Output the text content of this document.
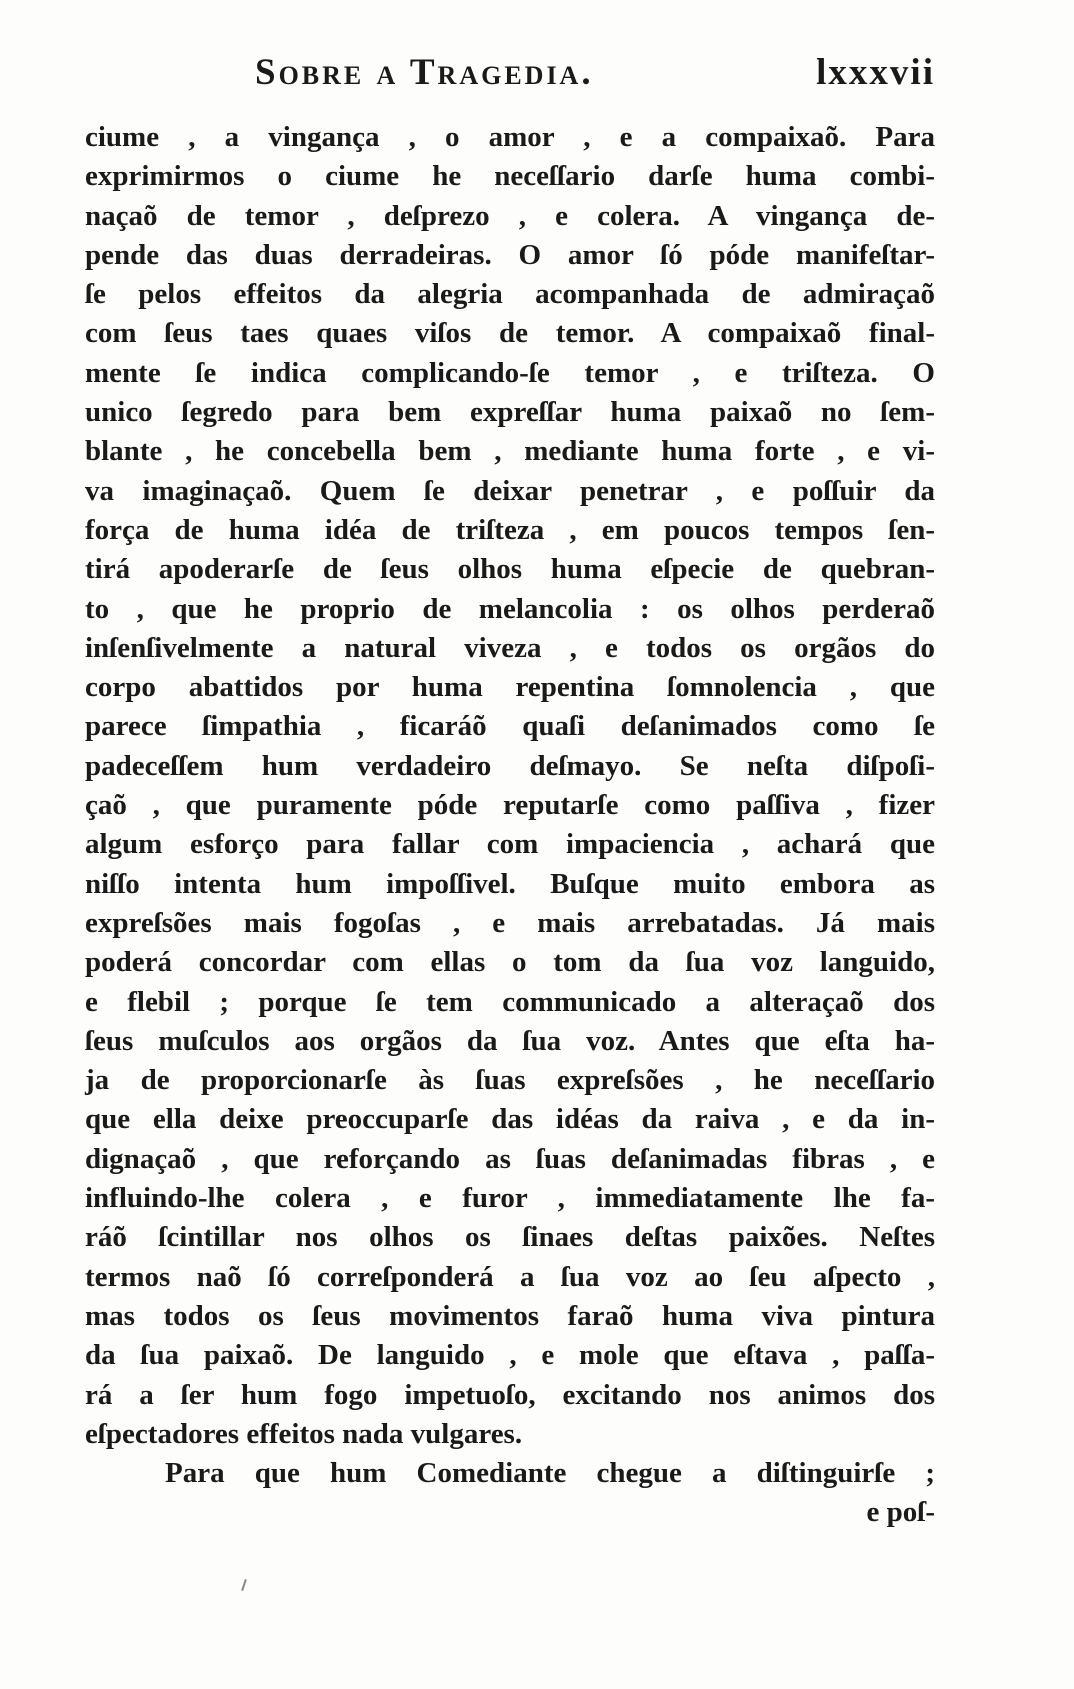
Sobre a Tragedia.	lxxxvii
ciume , a vingança , o amor , e a compaixaõ. Para
exprimirmos o ciume he neceſſario darſe huma combi-
naçaõ de temor , deſprezo , e colera. A vingança de-
pende das duas derradeiras. O amor ſó póde manifeſtar-
ſe pelos effeitos da alegria acompanhada de admiraçaõ
com ſeus taes quaes viſos de temor. A compaixaõ final-
mente ſe indica complicando-ſe temor , e triſteza. O
unico ſegredo para bem expreſſar huma paixaõ no ſem-
blante , he concebella bem , mediante huma forte , e vi-
va imaginaçaõ. Quem ſe deixar penetrar , e poſſuir da
força de huma idéa de triſteza , em poucos tempos ſen-
tirá apoderarſe de ſeus olhos huma eſpecie de quebran-
to , que he proprio de melancolia : os olhos perderaõ
inſenſivelmente a natural viveza , e todos os orgãos do
corpo abattidos por huma repentina ſomnolencia , que
parece ſimpathia , ficaráõ quaſi deſanimados como ſe
padeceſſem hum verdadeiro deſmayo. Se neſta diſpoſi-
çaõ , que puramente póde reputarſe como paſſiva , fizer
algum esforço para fallar com impaciencia , achará que
niſſo intenta hum impoſſivel. Buſque muito embora as
expreſsões mais fogoſas , e mais arrebatadas. Já mais
poderá concordar com ellas o tom da ſua voz languido,
e flebil ; porque ſe tem communicado a alteraçaõ dos
ſeus muſculos aos orgãos da ſua voz. Antes que eſta ha-
ja de proporcionarſe às ſuas expreſsões , he neceſſario
que ella deixe preoccuparſe das idéas da raiva , e da in-
dignaçaõ , que reforçando as ſuas deſanimadas fibras , e
influindo-lhe colera , e furor , immediatamente lhe fa-
ráõ ſcintillar nos olhos os ſinaes deſtas paixões. Neſtes
termos naõ ſó correſponderá a ſua voz ao ſeu aſpecto ,
mas todos os ſeus movimentos faraõ huma viva pintura
da ſua paixaõ. De languido , e mole que eſtava , paſſa-
rá a ſer hum fogo impetuoſo, excitando nos animos dos
eſpectadores effeitos nada vulgares.
Para que hum Comediante chegue a diſtinguirſe ;
e poſ-
